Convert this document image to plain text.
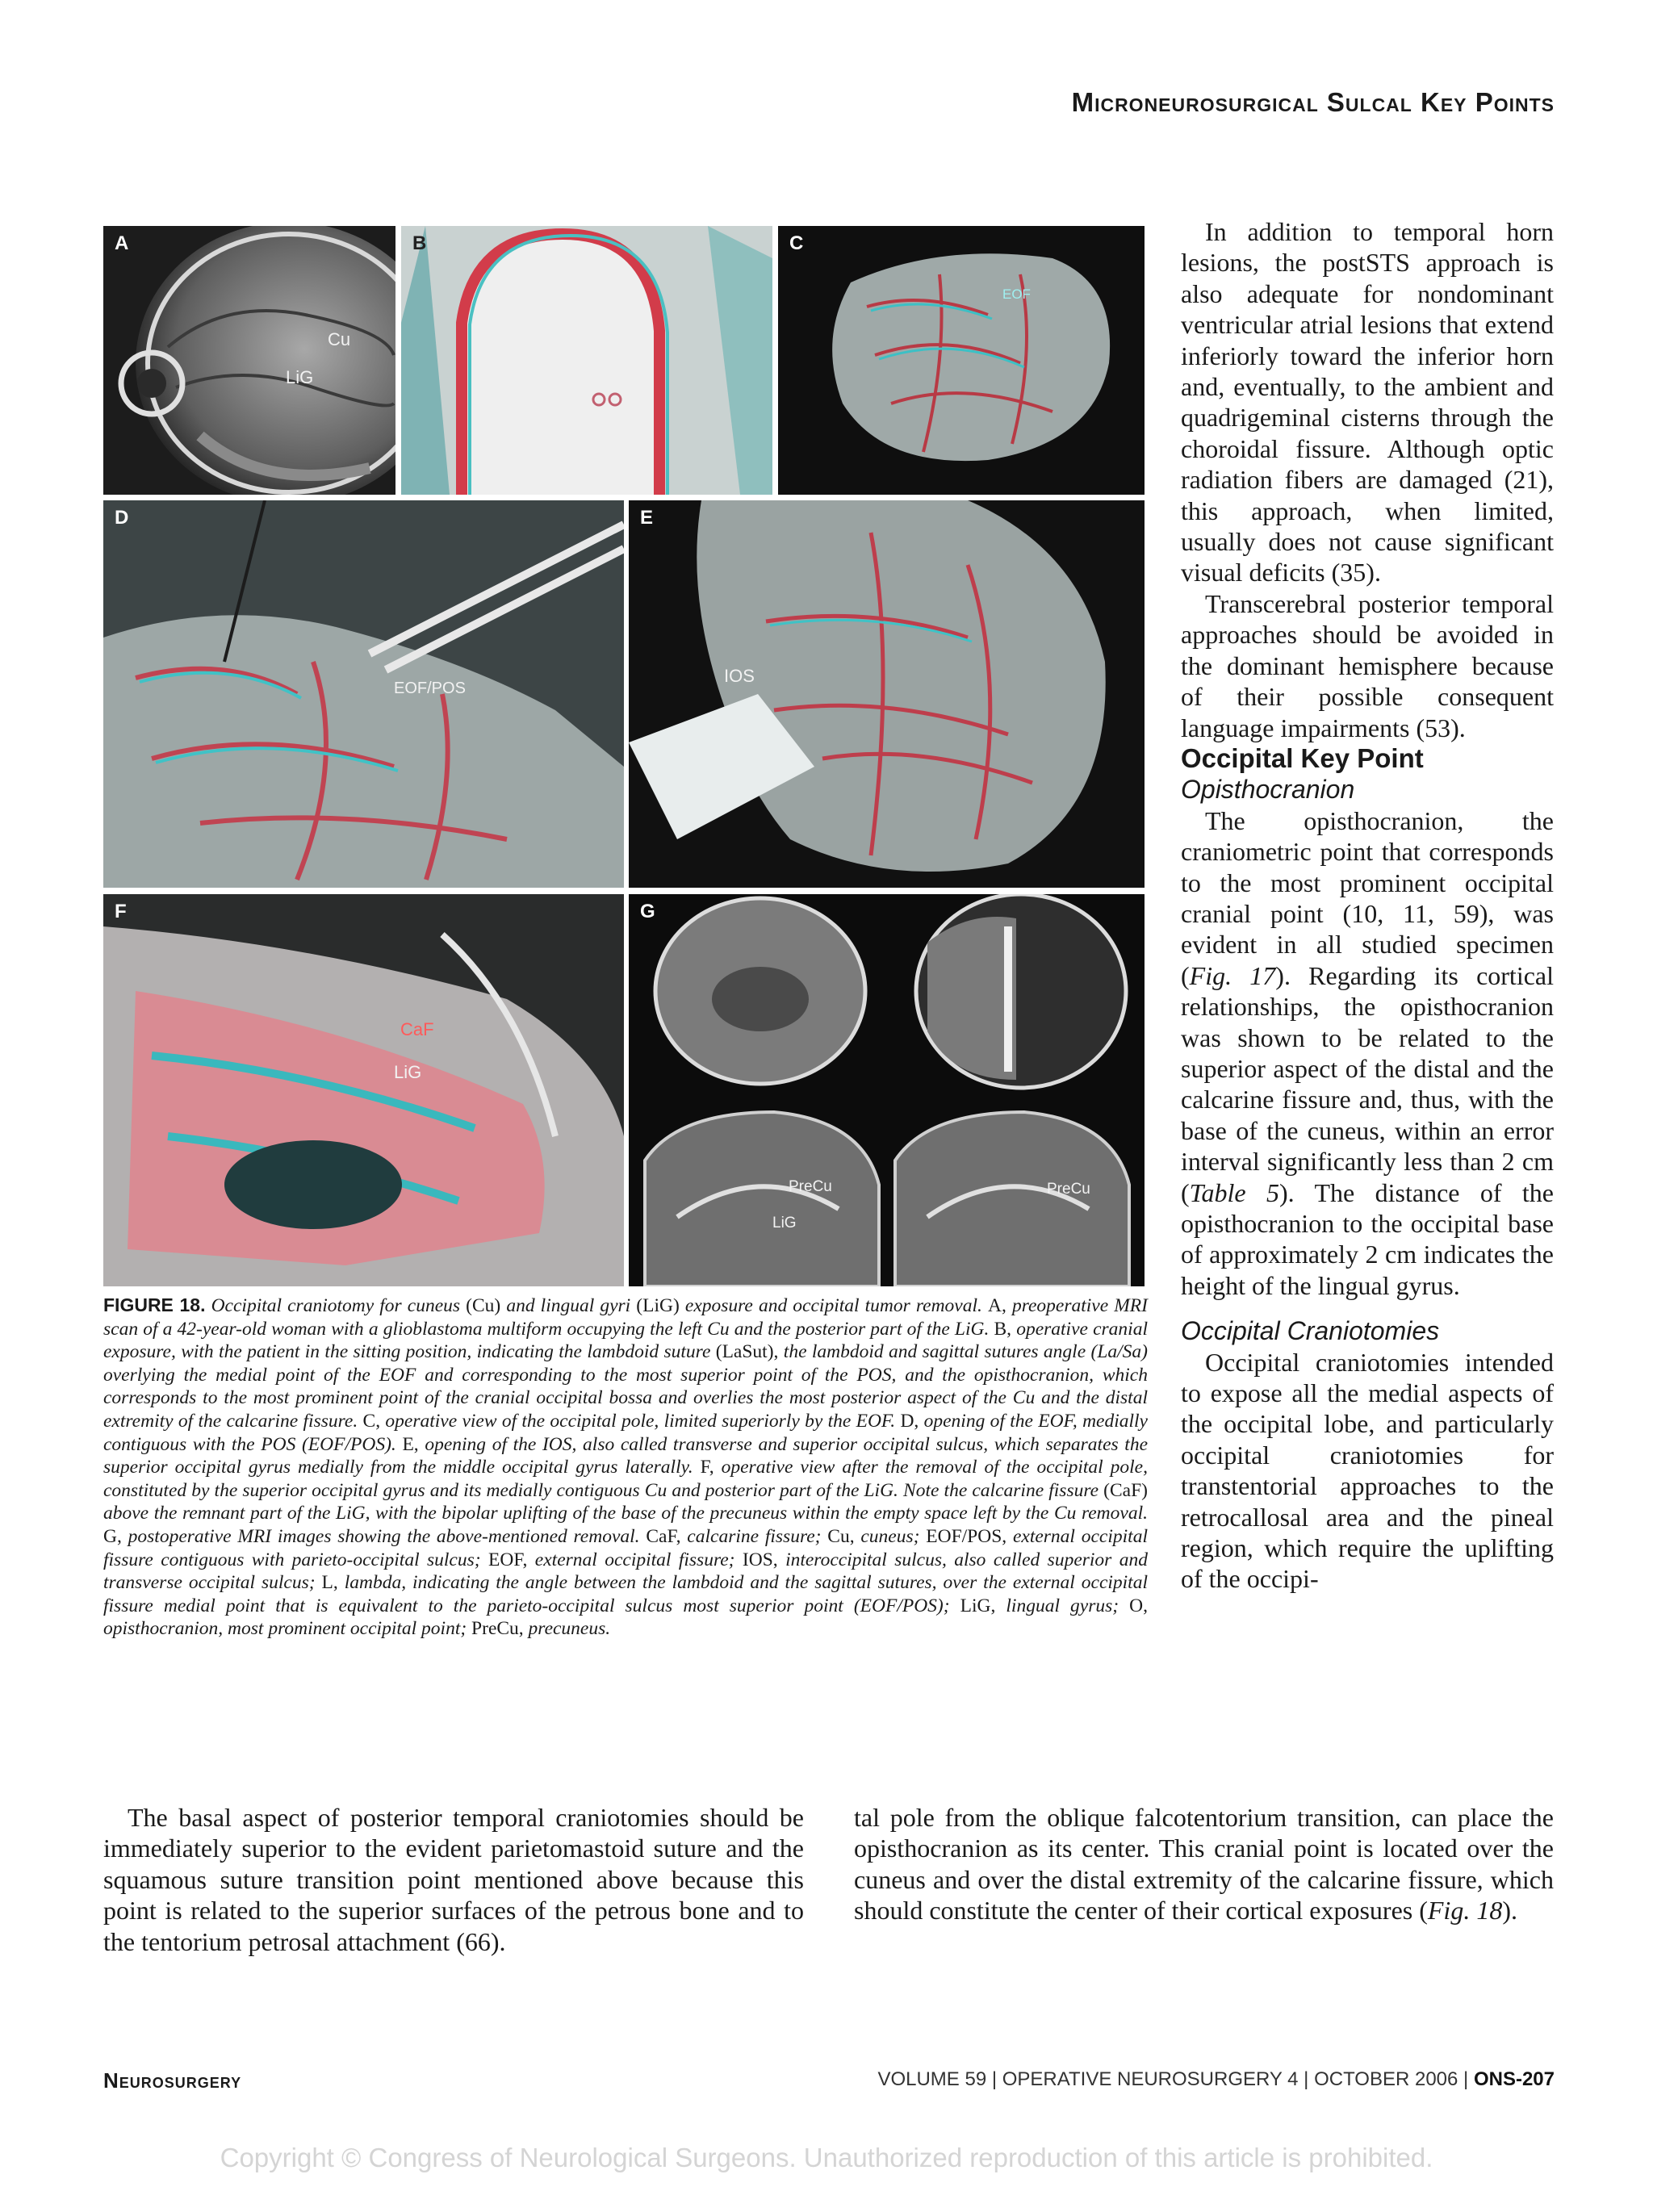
Microneurosurgical Sulcal Key Points
A
Cu
LiG
B	C
EOF
D
EOF/POS
E
IOS
F
CaF
LiG
G
PreCu
LiG
PreCu
FIGURE 18. Occipital craniotomy for cuneus (Cu) and lingual gyri (LiG) exposure and occipital tumor removal. A, preoperative MRI scan of a 42-year-old woman with a glioblastoma multiform occupying the left Cu and the posterior part of the LiG. B, operative cranial exposure, with the patient in the sitting position, indicating the lambdoid suture (LaSut), the lambdoid and sagittal sutures angle (La/Sa) overlying the medial point of the EOF and corresponding to the most superior point of the POS, and the opisthocranion, which corresponds to the most prominent point of the cranial occipital bossa and overlies the most posterior aspect of the Cu and the distal extremity of the calcarine fissure. C, operative view of the occipital pole, limited superiorly by the EOF. D, opening of the EOF, medially contiguous with the POS (EOF/POS). E, opening of the IOS, also called transverse and superior occipital sulcus, which separates the superior occipital gyrus medially from the middle occipital gyrus laterally. F, operative view after the removal of the occipital pole, constituted by the superior occipital gyrus and its medially contiguous Cu and posterior part of the LiG. Note the calcarine fissure (CaF) above the remnant part of the LiG, with the bipolar uplifting of the base of the precuneus within the empty space left by the Cu removal. G, postoperative MRI images showing the above-mentioned removal. CaF, calcarine fissure; Cu, cuneus; EOF/POS, external occipital fissure contiguous with parieto-occipital sulcus; EOF, external occipital fissure; IOS, interoccipital sulcus, also called superior and transverse occipital sulcus; L, lambda, indicating the angle between the lambdoid and the sagittal sutures, over the external occipital fissure medial point that is equivalent to the parieto-occipital sulcus most superior point (EOF/POS); LiG, lingual gyrus; O, opisthocranion, most prominent occipital point; PreCu, precuneus.

In addition to temporal horn lesions, the postSTS approach is also adequate for nondominant ventricular atrial lesions that extend inferiorly toward the inferior horn and, eventually, to the ambient and quadrigeminal cisterns through the choroidal fissure. Although optic radiation fibers are damaged (21), this approach, when limited, usually does not cause significant visual deficits (35).

Transcerebral posterior temporal approaches should be avoided in the dominant hemisphere because of their possible consequent language impairments (53).

Occipital Key Point

Opisthocranion

The opisthocranion, the craniometric point that corresponds to the most prominent occipital cranial point (10, 11, 59), was evident in all studied specimen (Fig. 17). Regarding its cortical relationships, the opisthocranion was shown to be related to the superior aspect of the distal and the calcarine fissure and, thus, with the base of the cuneus, within an error interval significantly less than 2 cm (Table 5). The distance of the opisthocranion to the occipital base of approximately 2 cm indicates the height of the lingual gyrus.

Occipital Craniotomies

Occipital craniotomies intended to expose all the medial aspects of the occipital lobe, and particularly occipital craniotomies for transtentorial approaches to the retrocallosal area and the pineal region, which require the uplifting of the occipi-

The basal aspect of posterior temporal craniotomies should be immediately superior to the evident parietomastoid suture and the squamous suture transition point mentioned above because this point is related to the superior surfaces of the petrous bone and to the tentorium petrosal attachment (66).

tal pole from the oblique falcotentorium transition, can place the opisthocranion as its center. This cranial point is located over the cuneus and over the distal extremity of the calcarine fissure, which should constitute the center of their cortical exposures (Fig. 18).

Neurosurgery	VOLUME 59 | OPERATIVE NEUROSURGERY 4 | OCTOBER 2006 | ONS-207
Copyright © Congress of Neurological Surgeons. Unauthorized reproduction of this article is prohibited.
